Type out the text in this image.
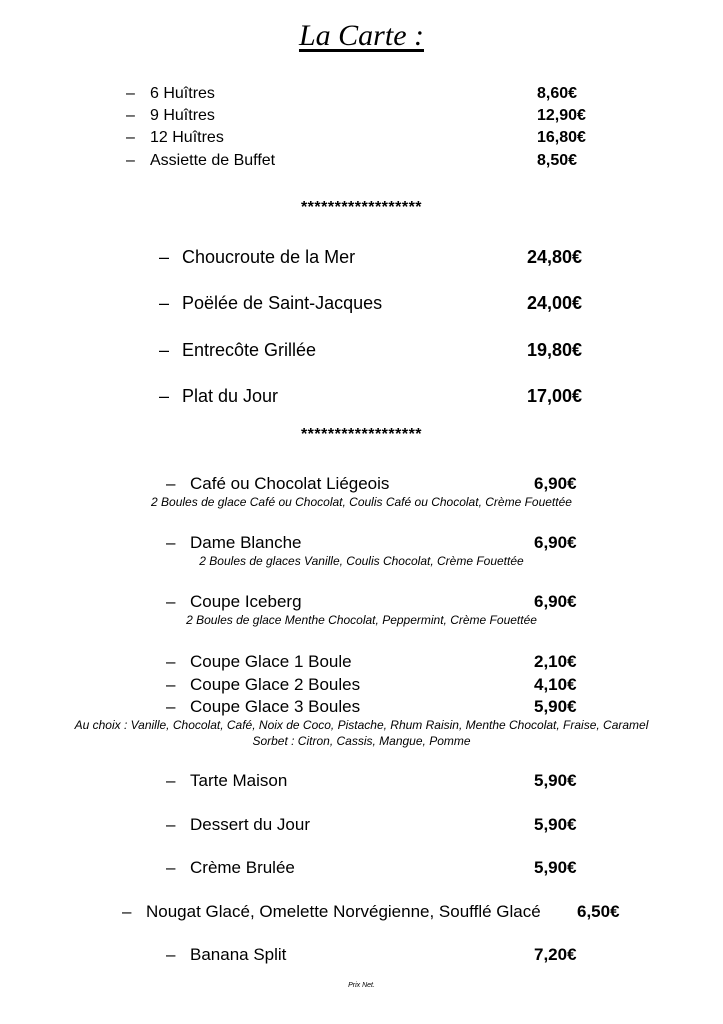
La Carte :
– 6 Huîtres	8,60€
– 9 Huîtres	12,90€
– 12 Huîtres	16,80€
– Assiette de Buffet	8,50€
******************
– Choucroute de la Mer	24,80€
– Poëlée de Saint-Jacques	24,00€
– Entrecôte Grillée	19,80€
– Plat du Jour	17,00€
******************
– Café ou Chocolat Liégeois	6,90€
2 Boules de glace Café ou Chocolat, Coulis Café ou Chocolat, Crème Fouettée
– Dame Blanche	6,90€
2 Boules de glaces Vanille, Coulis Chocolat, Crème Fouettée
– Coupe Iceberg	6,90€
2 Boules de glace Menthe Chocolat, Peppermint, Crème Fouettée
– Coupe Glace 1 Boule	2,10€
– Coupe Glace 2 Boules	4,10€
– Coupe Glace 3 Boules	5,90€
Au choix : Vanille, Chocolat, Café, Noix de Coco, Pistache, Rhum Raisin, Menthe Chocolat, Fraise, Caramel
Sorbet : Citron, Cassis, Mangue, Pomme
– Tarte Maison	5,90€
– Dessert du Jour	5,90€
– Crème Brulée	5,90€
– Nougat Glacé, Omelette Norvégienne, Soufflé Glacé 6,50€
– Banana Split	7,20€
Prix Net.
